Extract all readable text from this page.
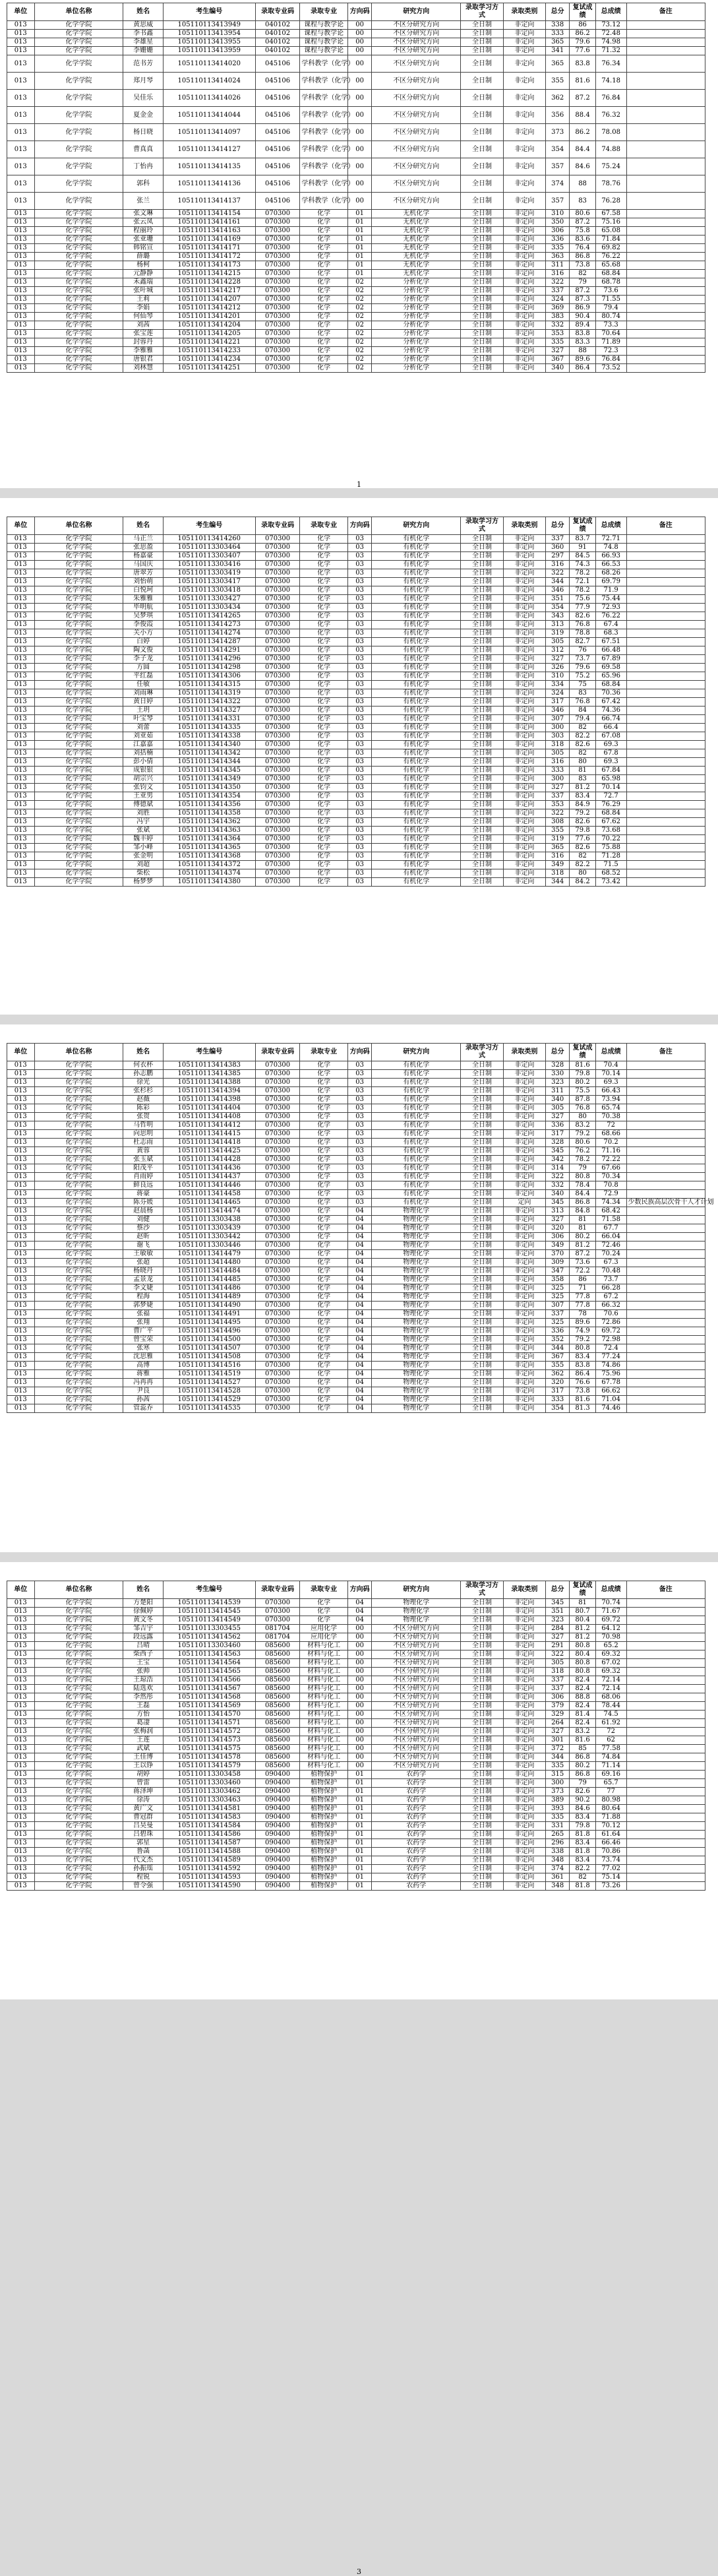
单位	单位名称	姓名	考生编号	录取专业码	录取专业	方向码	研究方向	录取学习方式	录取类别	总分	复试成绩	总成绩	备注
013	化学学院	黄思威	105110113413949	040102	课程与教学论	00	不区分研究方向	全日制	非定向	338	86	73.12	
013	化学学院	李书鑫	105110113413954	040102	课程与教学论	00	不区分研究方向	全日制	非定向	333	86.2	72.48	
013	化学学院	李雄星	105110113413955	040102	课程与教学论	00	不区分研究方向	全日制	非定向	365	79.6	74.98	
013	化学学院	李姗姗	105110113413959	040102	课程与教学论	00	不区分研究方向	全日制	非定向	341	77.6	71.32	
013	化学学院	范书芳	105110113414020	045106	学科教学（化学）	00	不区分研究方向	全日制	非定向	365	83.8	76.34	
013	化学学院	郑月琴	105110113414024	045106	学科教学（化学）	00	不区分研究方向	全日制	非定向	355	81.6	74.18	
013	化学学院	吴佳乐	105110113414026	045106	学科教学（化学）	00	不区分研究方向	全日制	非定向	362	87.2	76.84	
013	化学学院	夏金金	105110113414044	045106	学科教学（化学）	00	不区分研究方向	全日制	非定向	356	88.4	76.32	
013	化学学院	杨日晓	105110113414097	045106	学科教学（化学）	00	不区分研究方向	全日制	非定向	373	86.2	78.08	
013	化学学院	曹真真	105110113414127	045106	学科教学（化学）	00	不区分研究方向	全日制	非定向	354	84.4	74.88	
013	化学学院	丁怡冉	105110113414135	045106	学科教学（化学）	00	不区分研究方向	全日制	非定向	357	84.6	75.24	
013	化学学院	郭科	105110113414136	045106	学科教学（化学）	00	不区分研究方向	全日制	非定向	374	88	78.76	
013	化学学院	张兰	105110113414137	045106	学科教学（化学）	00	不区分研究方向	全日制	非定向	357	83	76.28	
013	化学学院	张文琳	105110113414154	070300	化学	01	无机化学	全日制	非定向	310	80.6	67.58	
013	化学学院	张云凤	105110113414161	070300	化学	01	无机化学	全日制	非定向	350	87.2	75.16	
013	化学学院	程丽玲	105110113414163	070300	化学	01	无机化学	全日制	非定向	306	75.8	65.08	
013	化学学院	张亚珊	105110113414169	070300	化学	01	无机化学	全日制	非定向	336	83.6	71.84	
013	化学学院	韩铭宣	105110113414171	070300	化学	01	无机化学	全日制	非定向	335	76.4	69.82	
013	化学学院	薛璐	105110113414172	070300	化学	01	无机化学	全日制	非定向	363	86.8	76.22	
013	化学学院	杨柯	105110113414173	070300	化学	01	无机化学	全日制	非定向	311	73.8	65.68	
013	化学学院	元静静	105110113414215	070300	化学	01	无机化学	全日制	非定向	316	82	68.84	
013	化学学院	禾鑫瑞	105110113414228	070300	化学	02	分析化学	全日制	非定向	322	79	68.78	
013	化学学院	张叶城	105110113414217	070300	化学	02	分析化学	全日制	非定向	337	87.2	73.6	
013	化学学院	王莉	105110113414207	070300	化学	02	分析化学	全日制	非定向	324	87.3	71.55	
013	化学学院	李娟	105110113414212	070300	化学	02	分析化学	全日制	非定向	369	86.9	79.4	
013	化学学院	何仙琴	105110113414201	070300	化学	02	分析化学	全日制	非定向	383	90.4	80.74	
013	化学学院	刘茜	105110113414204	070300	化学	02	分析化学	全日制	非定向	332	89.4	73.3	
013	化学学院	张宝莲	105110113414205	070300	化学	02	分析化学	全日制	非定向	353	83.8	70.64	
013	化学学院	封蓉丹	105110113414221	070300	化学	02	分析化学	全日制	非定向	335	83.3	71.89	
013	化学学院	李雅雅	105110113414233	070300	化学	02	分析化学	全日制	非定向	327	88	72.3	
013	化学学院	唐银君	105110113414234	070300	化学	02	分析化学	全日制	非定向	367	89.6	76.84	
013	化学学院	刘林慧	105110113414251	070300	化学	02	分析化学	全日制	非定向	340	86.4	73.52	
1
单位	单位名称	姓名	考生编号	录取专业码	录取专业	方向码	研究方向	录取学习方式	录取类别	总分	复试成绩	总成绩	备注
013	化学学院	马正兰	105110113414260	070300	化学	03	有机化学	全日制	非定向	337	83.7	72.71	
013	化学学院	张思盈	105110113303464	070300	化学	03	有机化学	全日制	非定向	360	91	74.8	
013	化学学院	杨嘉豪	105110113303407	070300	化学	03	有机化学	全日制	非定向	297	84.5	66.93	
013	化学学院	马国庆	105110113303416	070300	化学	03	有机化学	全日制	非定向	316	74.3	66.53	
013	化学学院	唐翠芳	105110113303419	070300	化学	03	有机化学	全日制	非定向	322	78.2	68.26	
013	化学学院	刘怡萌	105110113303417	070300	化学	03	有机化学	全日制	非定向	344	72.1	69.79	
013	化学学院	白悦珂	105110113303418	070300	化学	03	有机化学	全日制	非定向	346	78.2	71.9	
013	化学学院	朱雅雅	105110113303427	070300	化学	03	有机化学	全日制	非定向	351	75.6	75.44	
013	化学学院	毕明航	105110113303434	070300	化学	03	有机化学	全日制	非定向	354	77.9	72.93	
013	化学学院	吴梦琪	105110113414265	070300	化学	03	有机化学	全日制	非定向	343	82.6	76.22	
013	化学学院	李俊霞	105110113414273	070300	化学	03	有机化学	全日制	非定向	313	76.8	67.4	
013	化学学院	关小方	105110113414274	070300	化学	03	有机化学	全日制	非定向	319	78.8	68.3	
013	化学学院	白婷	105110113414287	070300	化学	03	有机化学	全日制	非定向	305	82.7	67.51	
013	化学学院	陶文俊	105110113414291	070300	化学	03	有机化学	全日制	非定向	312	76	66.48	
013	化学学院	李子龙	105110113414296	070300	化学	03	有机化学	全日制	非定向	327	73.7	67.89	
013	化学学院	方圆	105110113414298	070300	化学	03	有机化学	全日制	非定向	326	79.6	69.58	
013	化学学院	平红磊	105110113414306	070300	化学	03	有机化学	全日制	非定向	310	75.2	65.96	
013	化学学院	任敏	105110113414315	070300	化学	03	有机化学	全日制	非定向	334	75	68.84	
013	化学学院	刘雨琳	105110113414319	070300	化学	03	有机化学	全日制	非定向	324	83	70.36	
013	化学学院	黄日婷	105110113414322	070300	化学	03	有机化学	全日制	非定向	317	76.8	67.42	
013	化学学院	王玥	105110113414327	070300	化学	03	有机化学	全日制	非定向	346	84	74.36	
013	化学学院	叶宝琴	105110113414331	070300	化学	03	有机化学	全日制	非定向	307	79.4	66.74	
013	化学学院	刘蕾	105110113414335	070300	化学	03	有机化学	全日制	非定向	300	82	66.4	
013	化学学院	刘亚茹	105110113414338	070300	化学	03	有机化学	全日制	非定向	303	82.2	67.08	
013	化学学院	江嘉嘉	105110113414340	070300	化学	03	有机化学	全日制	非定向	318	82.6	69.3	
013	化学学院	刘括楠	105110113414342	070300	化学	03	有机化学	全日制	非定向	305	82	67.8	
013	化学学院	彭小倩	105110113414344	070300	化学	03	有机化学	全日制	非定向	316	80	69.3	
013	化学学院	成银银	105110113414345	070300	化学	03	有机化学	全日制	非定向	333	81	67.84	
013	化学学院	胡宗兴	105110113414349	070300	化学	03	有机化学	全日制	非定向	300	83	65.98	
013	化学学院	张钧文	105110113414350	070300	化学	03	有机化学	全日制	非定向	327	81.2	70.14	
013	化学学院	王亚男	105110113414354	070300	化学	03	有机化学	全日制	非定向	337	83.4	72.7	
013	化学学院	傅德斌	105110113414356	070300	化学	03	有机化学	全日制	非定向	353	84.9	76.29	
013	化学学院	刘胜	105110113414358	070300	化学	03	有机化学	全日制	非定向	322	79.2	68.84	
013	化学学院	冯宇	105110113414362	070300	化学	03	有机化学	全日制	非定向	308	82.6	67.62	
013	化学学院	张斌	105110113414363	070300	化学	03	有机化学	全日制	非定向	355	79.8	73.68	
013	化学学院	魏丰婷	105110113414364	070300	化学	03	有机化学	全日制	非定向	319	77.6	70.22	
013	化学学院	邹小峰	105110113414365	070300	化学	03	有机化学	全日制	非定向	365	82.6	75.88	
013	化学学院	张金明	105110113414368	070300	化学	03	有机化学	全日制	非定向	316	82	71.28	
013	化学学院	刘超	105110113414372	070300	化学	03	有机化学	全日制	非定向	349	82.2	71.5	
013	化学学院	柴松	105110113414374	070300	化学	03	有机化学	全日制	非定向	318	80	68.52	
013	化学学院	杨梦梦	105110113414380	070300	化学	03	有机化学	全日制	非定向	344	84.2	73.42	
单位	单位名称	姓名	考生编号	录取专业码	录取专业	方向码	研究方向	录取学习方式	录取类别	总分	复试成绩	总成绩	备注
013	化学学院	何衣杯	105110113414383	070300	化学	03	有机化学	全日制	非定向	328	81.6	70.4	
013	化学学院	孙志鹏	105110113414385	070300	化学	03	有机化学	全日制	非定向	330	79.8	70.14	
013	化学学院	徐光	105110113414388	070300	化学	03	有机化学	全日制	非定向	323	80.2	69.3	
013	化学学院	张杉杉	105110113414394	070300	化学	03	有机化学	全日制	非定向	311	75.5	66.43	
013	化学学院	赵薇	105110113414398	070300	化学	03	有机化学	全日制	非定向	340	87.8	73.94	
013	化学学院	陈彩	105110113414404	070300	化学	03	有机化学	全日制	非定向	305	76.8	65.74	
013	化学学院	张贺	105110113414408	070300	化学	03	有机化学	全日制	非定向	327	80	70.38	
013	化学学院	马哲明	105110113414412	070300	化学	03	有机化学	全日制	非定向	336	83.2	72	
013	化学学院	向思明	105110113414415	070300	化学	03	有机化学	全日制	非定向	317	79.2	68.66	
013	化学学院	杜志雨	105110113414418	070300	化学	03	有机化学	全日制	非定向	328	80.6	70.2	
013	化学学院	黄蓉	105110113414425	070300	化学	03	有机化学	全日制	非定向	345	76.2	71.16	
013	化学学院	张玉斌	105110113414428	070300	化学	03	有机化学	全日制	非定向	342	78.2	72.22	
013	化学学院	阳茂平	105110113414436	070300	化学	03	有机化学	全日制	非定向	314	79	67.66	
013	化学学院	肖雨婷	105110113414437	070300	化学	03	有机化学	全日制	非定向	322	80.8	70.34	
013	化学学院	鲜良远	105110113414446	070300	化学	03	有机化学	全日制	非定向	332	78.4	70.8	
013	化学学院	蒋豪	105110113414458	070300	化学	03	有机化学	全日制	非定向	340	84.4	72.9	
013	化学学院	陈芬媛	105110113414465	070300	化学	03	有机化学	全日制	定向	345	86.8	74.34	少数民族高层次骨干人才计划
013	化学学院	赵晨杨	105110113414474	070300	化学	04	物理化学	全日制	非定向	313	84.8	68.42	
013	化学学院	刘健	105110113303438	070300	化学	04	物理化学	全日制	非定向	327	81	71.58	
013	化学学院	蔡沙	105110113303439	070300	化学	04	物理化学	全日制	非定向	320	81	67.7	
013	化学学院	赵昕	105110113303442	070300	化学	04	物理化学	全日制	非定向	306	80.2	66.04	
013	化学学院	谢飞	105110113303446	070300	化学	04	物理化学	全日制	非定向	349	81.2	72.46	
013	化学学院	王敏敏	105110113414479	070300	化学	04	物理化学	全日制	非定向	370	87.2	70.24	
013	化学学院	张超	105110113414480	070300	化学	04	物理化学	全日制	非定向	309	73.6	67.3	
013	化学学院	杨晓丹	105110113414484	070300	化学	04	物理化学	全日制	非定向	347	72.2	70.48	
013	化学学院	孟景龙	105110113414485	070300	化学	04	物理化学	全日制	非定向	358	86	73.7	
013	化学学院	李文婕	105110113414486	070300	化学	04	物理化学	全日制	非定向	325	71	66.28	
013	化学学院	程海	105110113414489	070300	化学	04	物理化学	全日制	非定向	325	77.8	67.2	
013	化学学院	郭梦婕	105110113414490	070300	化学	04	物理化学	全日制	非定向	307	77.8	66.32	
013	化学学院	张福	105110113414491	070300	化学	04	物理化学	全日制	非定向	337	78	70.6	
013	化学学院	张翔	105110113414495	070300	化学	04	物理化学	全日制	非定向	325	89.6	72.86	
013	化学学院	曹广平	105110113414496	070300	化学	04	物理化学	全日制	非定向	336	74.9	69.72	
013	化学学院	曾宝荣	105110113414500	070300	化学	04	物理化学	全日制	非定向	352	79.2	72.98	
013	化学学院	张寒	105110113414507	070300	化学	04	物理化学	全日制	非定向	344	80.8	72.4	
013	化学学院	沈思雅	105110113414508	070300	化学	04	物理化学	全日制	非定向	367	83.4	77.24	
013	化学学院	高博	105110113414516	070300	化学	04	物理化学	全日制	非定向	355	83.8	74.86	
013	化学学院	蒋雅	105110113414519	070300	化学	04	物理化学	全日制	非定向	362	86.4	75.96	
013	化学学院	冯再再	105110113414527	070300	化学	04	物理化学	全日制	非定向	320	76.6	67.78	
013	化学学院	尹良	105110113414528	070300	化学	04	物理化学	全日制	非定向	317	73.8	66.62	
013	化学学院	孙茜	105110113414529	070300	化学	04	物理化学	全日制	非定向	333	81.6	71.04	
013	化学学院	管蕊乔	105110113414535	070300	化学	04	物理化学	全日制	非定向	354	81.3	74.46	
3
单位	单位名称	姓名	考生编号	录取专业码	录取专业	方向码	研究方向	录取学习方式	录取类别	总分	复试成绩	总成绩	备注
013	化学学院	方楚阳	105110113414539	070300	化学	04	物理化学	全日制	非定向	345	81	70.74	
013	化学学院	徐佩婷	105110113414545	070300	化学	04	物理化学	全日制	非定向	351	80.7	71.67	
013	化学学院	黄文冬	105110113414549	070300	化学	04	物理化学	全日制	非定向	323	80.4	69.72	
013	化学学院	邹吉宇	105110113303455	081704	应用化学	00	不区分研究方向	全日制	非定向	284	81.2	64.12	
013	化学学院	段远露	105110113414562	081704	应用化学	00	不区分研究方向	全日制	非定向	327	81.2	70.98	
013	化学学院	吕晴	105110113303460	085600	材料与化工	00	不区分研究方向	全日制	非定向	291	80.8	65.2	
013	化学学院	柴西子	105110113414563	085600	材料与化工	00	不区分研究方向	全日制	非定向	322	80.4	69.32	
013	化学学院	王宝	105110113414564	085600	材料与化工	00	不区分研究方向	全日制	非定向	305	80.8	67.02	
013	化学学院	张帅	105110113414565	085600	材料与化工	00	不区分研究方向	全日制	非定向	318	80.8	69.32	
013	化学学院	王琼浩	105110113414566	085600	材料与化工	00	不区分研究方向	全日制	非定向	337	82.4	72.14	
013	化学学院	陆选欢	105110113414567	085600	材料与化工	00	不区分研究方向	全日制	非定向	337	82.4	72.14	
013	化学学院	李然彤	105110113414568	085600	材料与化工	00	不区分研究方向	全日制	非定向	306	88.8	68.06	
013	化学学院	王磊	105110113414569	085600	材料与化工	00	不区分研究方向	全日制	非定向	379	82.4	78.44	
013	化学学院	方怡	105110113414570	085600	材料与化工	00	不区分研究方向	全日制	非定向	329	81.4	74.5	
013	化学学院	葛凄	105110113414571	085600	材料与化工	00	不区分研究方向	全日制	非定向	264	82.4	61.92	
013	化学学院	张梅润	105110113414572	085600	材料与化工	00	不区分研究方向	全日制	非定向	327	83.2	72	
013	化学学院	王莲	105110113414573	085600	材料与化工	00	不区分研究方向	全日制	非定向	301	81.6	62	
013	化学学院	武斌	105110113414575	085600	材料与化工	00	不区分研究方向	全日制	非定向	372	85	77.58	
013	化学学院	王佳博	105110113414578	085600	材料与化工	00	不区分研究方向	全日制	非定向	344	86.8	74.84	
013	化学学院	王以铮	105110113414579	085600	材料与化工	00	不区分研究方向	全日制	非定向	335	80.2	71.14	
013	化学学院	胡婷	105110113303458	090400	植物保护	01	农药学	全日制	非定向	315	86.8	69.16	
013	化学学院	曾雷	105110113303460	090400	植物保护	01	农药学	全日制	非定向	300	79	65.7	
013	化学学院	蒋泽坤	105110113303462	090400	植物保护	01	农药学	全日制	非定向	373	82.6	77	
013	化学学院	徐涛	105110113303463	090400	植物保护	01	农药学	全日制	非定向	389	90.2	80.98	
013	化学学院	黄广文	105110113414581	090400	植物保护	01	农药学	全日制	非定向	393	84.6	80.64	
013	化学学院	曹冠群	105110113414583	090400	植物保护	01	农药学	全日制	非定向	335	83.4	71.88	
013	化学学院	吕昊曼	105110113414584	090400	植物保护	01	农药学	全日制	非定向	331	79.8	70.12	
013	化学学院	吕碧珠	105110113414586	090400	植物保护	01	农药学	全日制	非定向	265	81.8	61.64	
013	化学学院	郭星	105110113414587	090400	植物保护	01	农药学	全日制	非定向	296	83.4	66.46	
013	化学学院	鲁菡	105110113414588	090400	植物保护	01	农药学	全日制	非定向	338	81.8	70.86	
013	化学学院	代文杰	105110113414589	090400	植物保护	01	农药学	全日制	非定向	348	83.4	73.74	
013	化学学院	孙振瑶	105110113414592	090400	植物保护	01	农药学	全日制	非定向	374	82.2	77.02	
013	化学学院	程锐	105110113414593	090400	植物保护	01	农药学	全日制	非定向	361	82	75.14	
013	化学学院	曾令强	105110113414590	090400	植物保护	01	农药学	全日制	非定向	348	81.8	73.26	
